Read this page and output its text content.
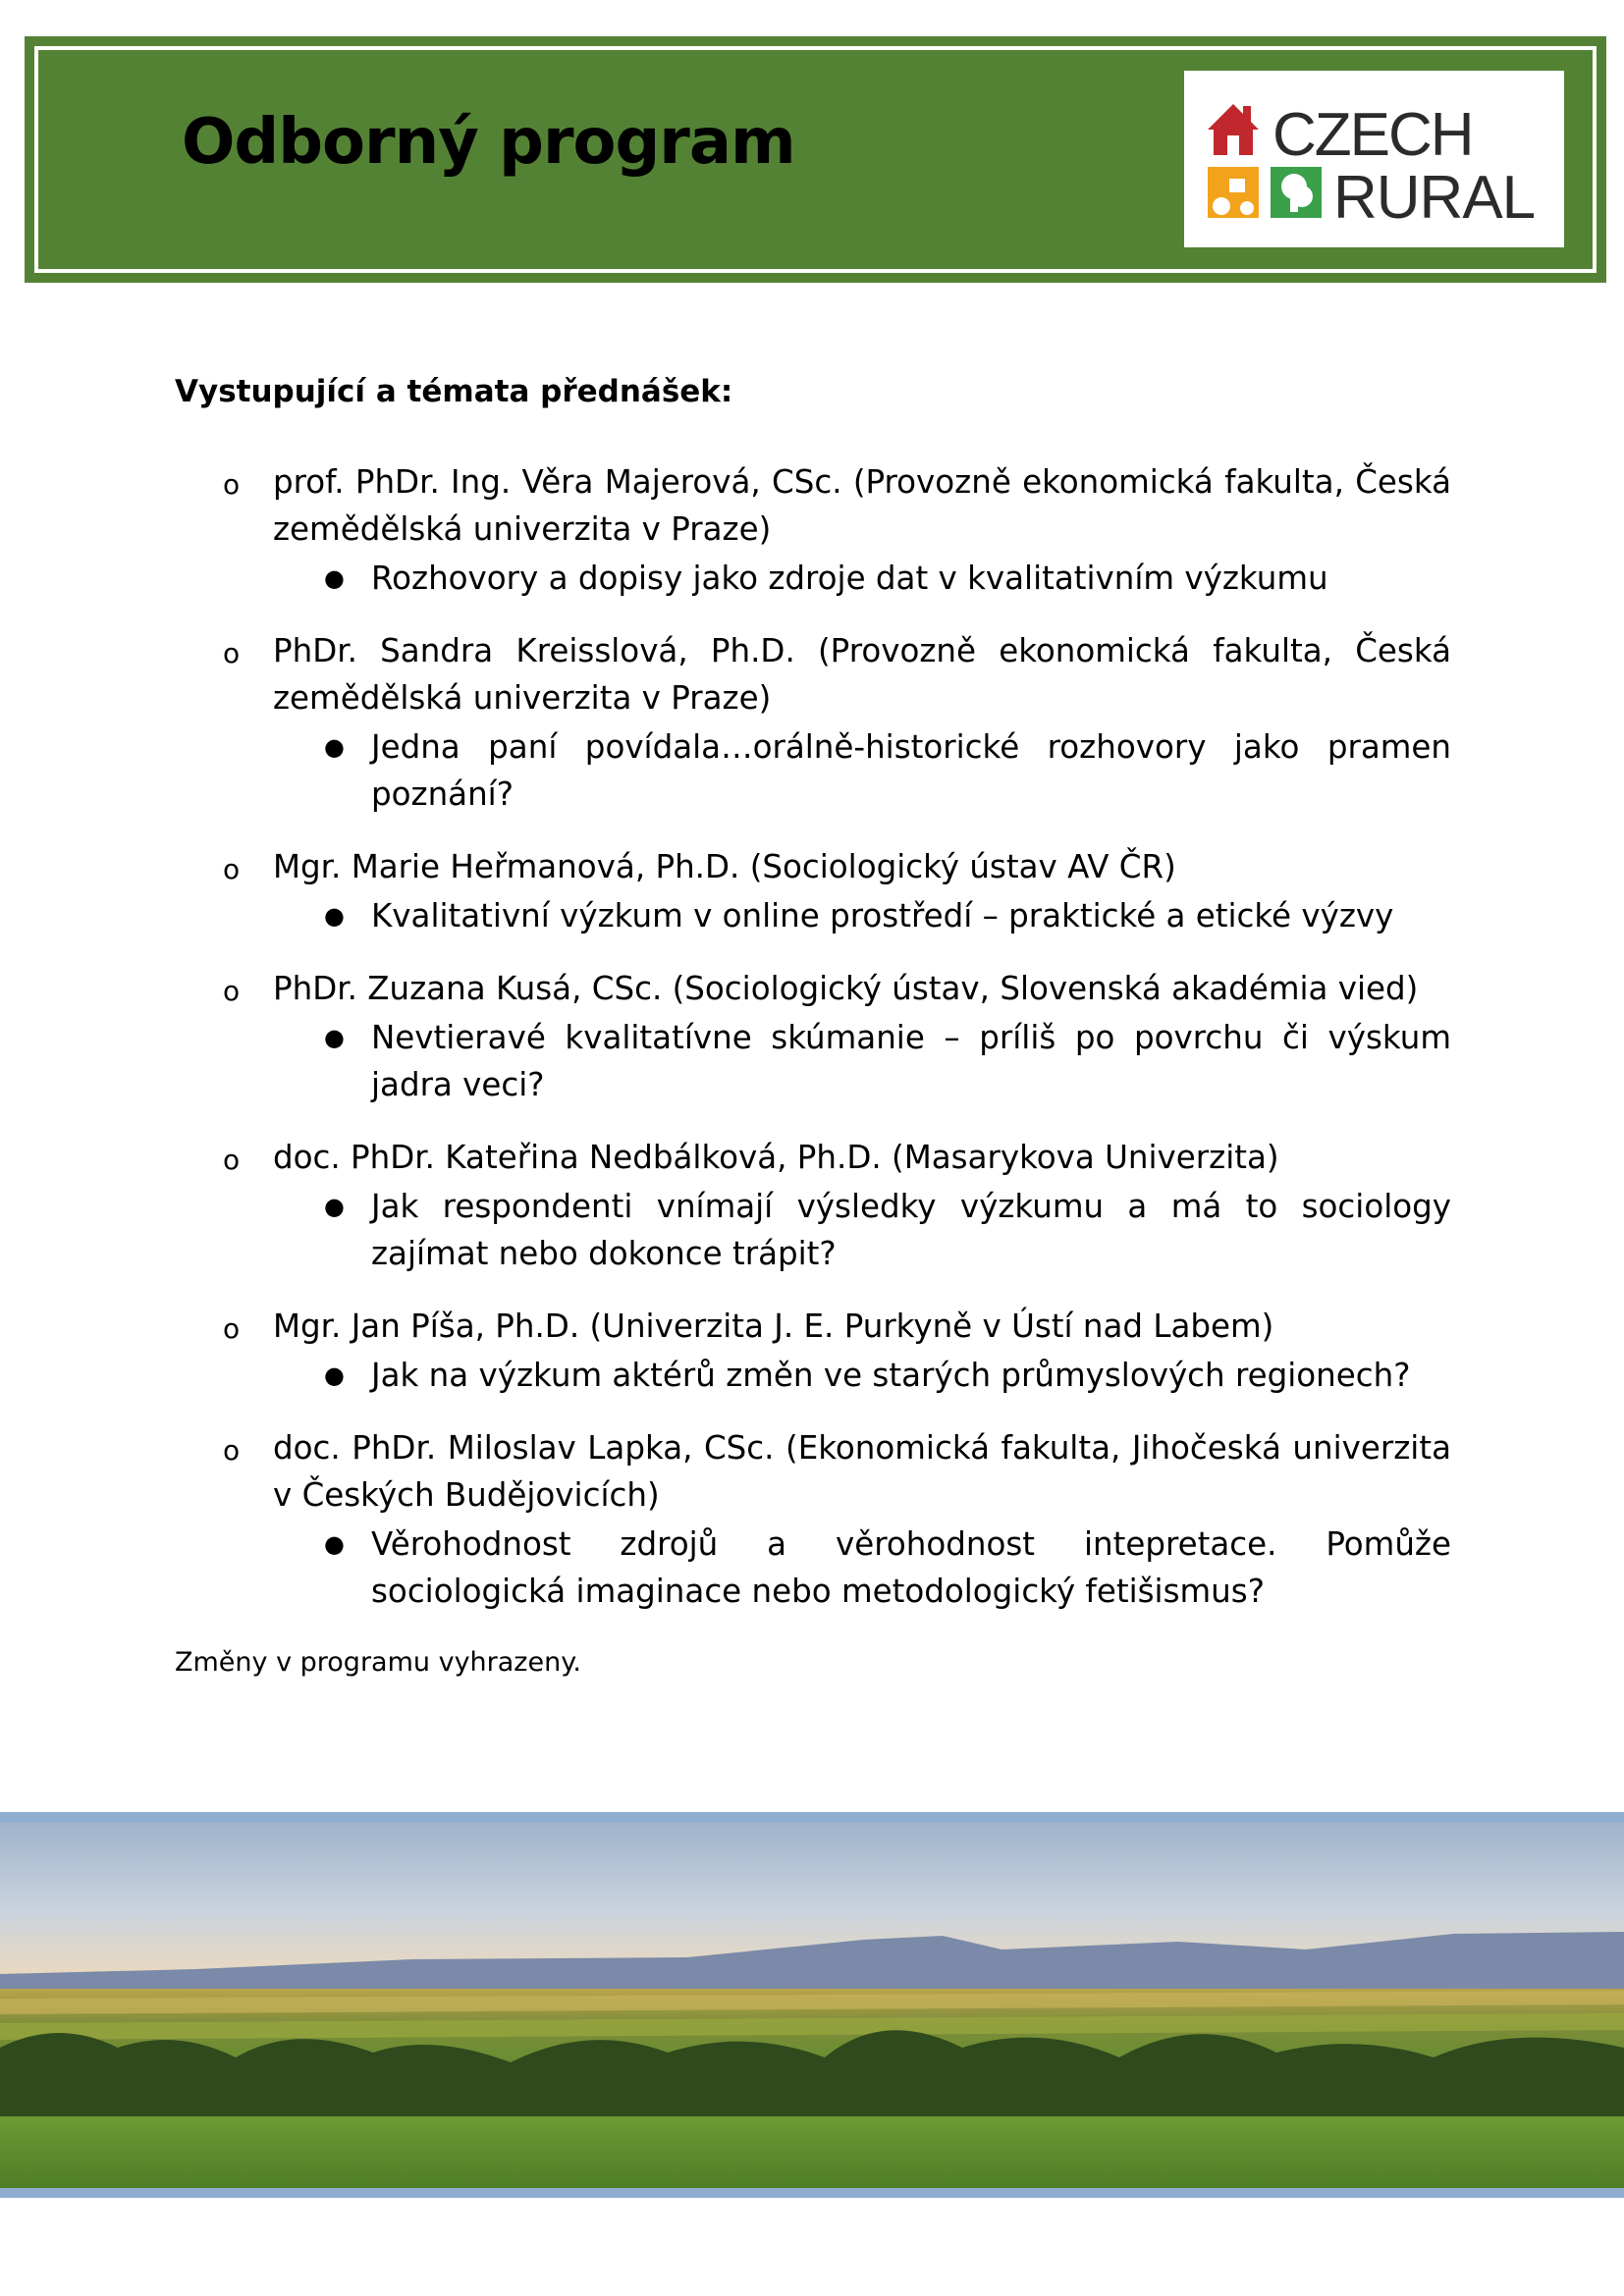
Odborný program	CZECH
RURAL

Vystupující a témata přednášek:

o prof. PhDr. Ing. Věra Majerová, CSc. (Provozně ekonomická fakulta, Česká zemědělská univerzita v Praze)
● Rozhovory a dopisy jako zdroje dat v kvalitativním výzkumu
o PhDr. Sandra Kreisslová, Ph.D. (Provozně ekonomická fakulta, Česká zemědělská univerzita v Praze)
● Jedna paní povídala…orálně-historické rozhovory jako pramen poznání?
o Mgr. Marie Heřmanová, Ph.D. (Sociologický ústav AV ČR)
● Kvalitativní výzkum v online prostředí – praktické a etické výzvy
o PhDr. Zuzana Kusá, CSc. (Sociologický ústav, Slovenská akadémia vied)
● Nevtieravé kvalitatívne skúmanie – príliš po povrchu či výskum jadra veci?
o doc. PhDr. Kateřina Nedbálková, Ph.D. (Masarykova Univerzita)
● Jak respondenti vnímají výsledky výzkumu a má to sociology zajímat nebo dokonce trápit?
o Mgr. Jan Píša, Ph.D. (Univerzita J. E. Purkyně v Ústí nad Labem)
● Jak na výzkum aktérů změn ve starých průmyslových regionech?
o doc. PhDr. Miloslav Lapka, CSc. (Ekonomická fakulta, Jihočeská univerzita v Českých Budějovicích)
● Věrohodnost zdrojů a věrohodnost intepretace. Pomůže sociologická imaginace nebo metodologický fetišismus?
Změny v programu vyhrazeny.
